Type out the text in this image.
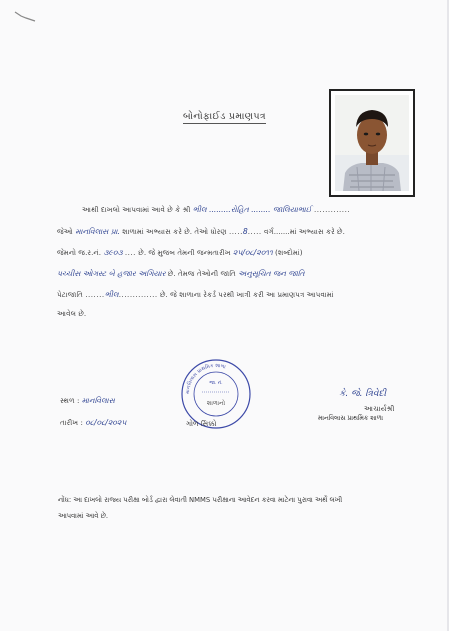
બોનોફાઈડ પ્રમાણપત્ર
આથી દાખલો આપવામાં આવે છે કે શ્રી ભીલ .........રોહિત ........ જાલિયાભાઈ .............
જેઓ માનવિલાસ પ્રા. શાળામાં અભ્યાસ કરે છે. તેઓ ધોરણ .....8..... વર્ગ.......માં અભ્યાસ કરે છે.
જેમનો જ.ર.નં. ૩૯૦૩ .... છે. જે મુજબ તેમની જન્મતારીખ ૨૫/૦૮/૨૦૧૧ (શબ્દોમાં)
પચ્ચીસ ઓગસ્ટ બે હજાર અગિયાર છે. તેમજ તેઓની જાતિ અનુસૂચિત જન જાતિ
પેટાજાતિ .......ભીલ.............. છે. જે શાળાના રેકર્ડ પરથી ખાત્રી કરી આ પ્રમાણપત્ર આપવામાં
આવેલ છે.
સ્થળ : માનવિલાસ
તારીખ : ૦૮/૦૮/૨૦૨૫
માનવિલાસ પ્રાથમિક શાળા
જા. નં.
શાળાનો
ગોળ સિક્કો
કે. જે. ત્રિવેદી
આચાર્યશ્રી
માનવિલાસ પ્રાથમિક શાળા
નોંધ: આ દાખલો રાજ્ય પરીક્ષા બોર્ડ દ્વારા લેવાતી NMMS પરીક્ષાના આવેદન કરવા માટેના પુરાવા અર્થે લખી
આપવામાં આવે છે.
